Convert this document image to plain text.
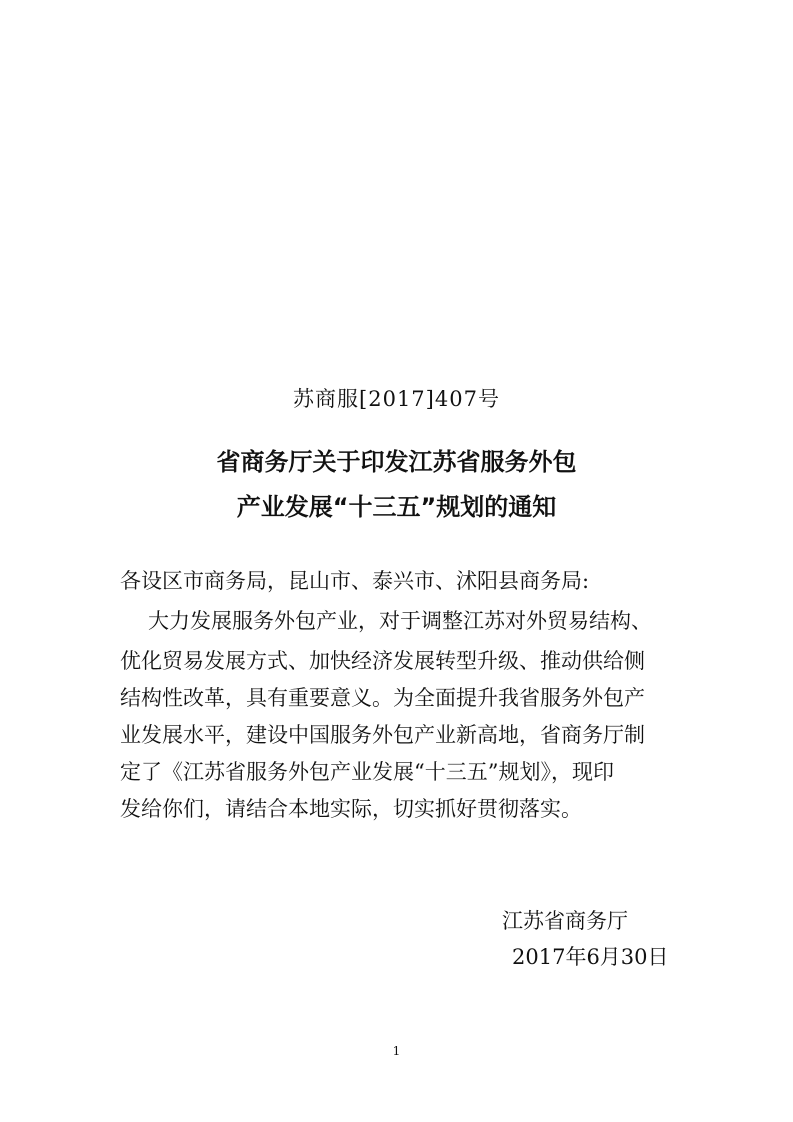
苏商服[2017]407号
省商务厅关于印发江苏省服务外包
产业发展“十三五”规划的通知
各设区市商务局，昆山市、泰兴市、沭阳县商务局:
大力发展服务外包产业，对于调整江苏对外贸易结构、
优化贸易发展方式、加快经济发展转型升级、推动供给侧
结构性改革，具有重要意义。为全面提升我省服务外包产
业发展水平，建设中国服务外包产业新高地，省商务厅制
定了《江苏省服务外包产业发展“十三五”规划》，现印
发给你们，请结合本地实际，切实抓好贯彻落实。
江苏省商务厅
2017年6月30日
1
